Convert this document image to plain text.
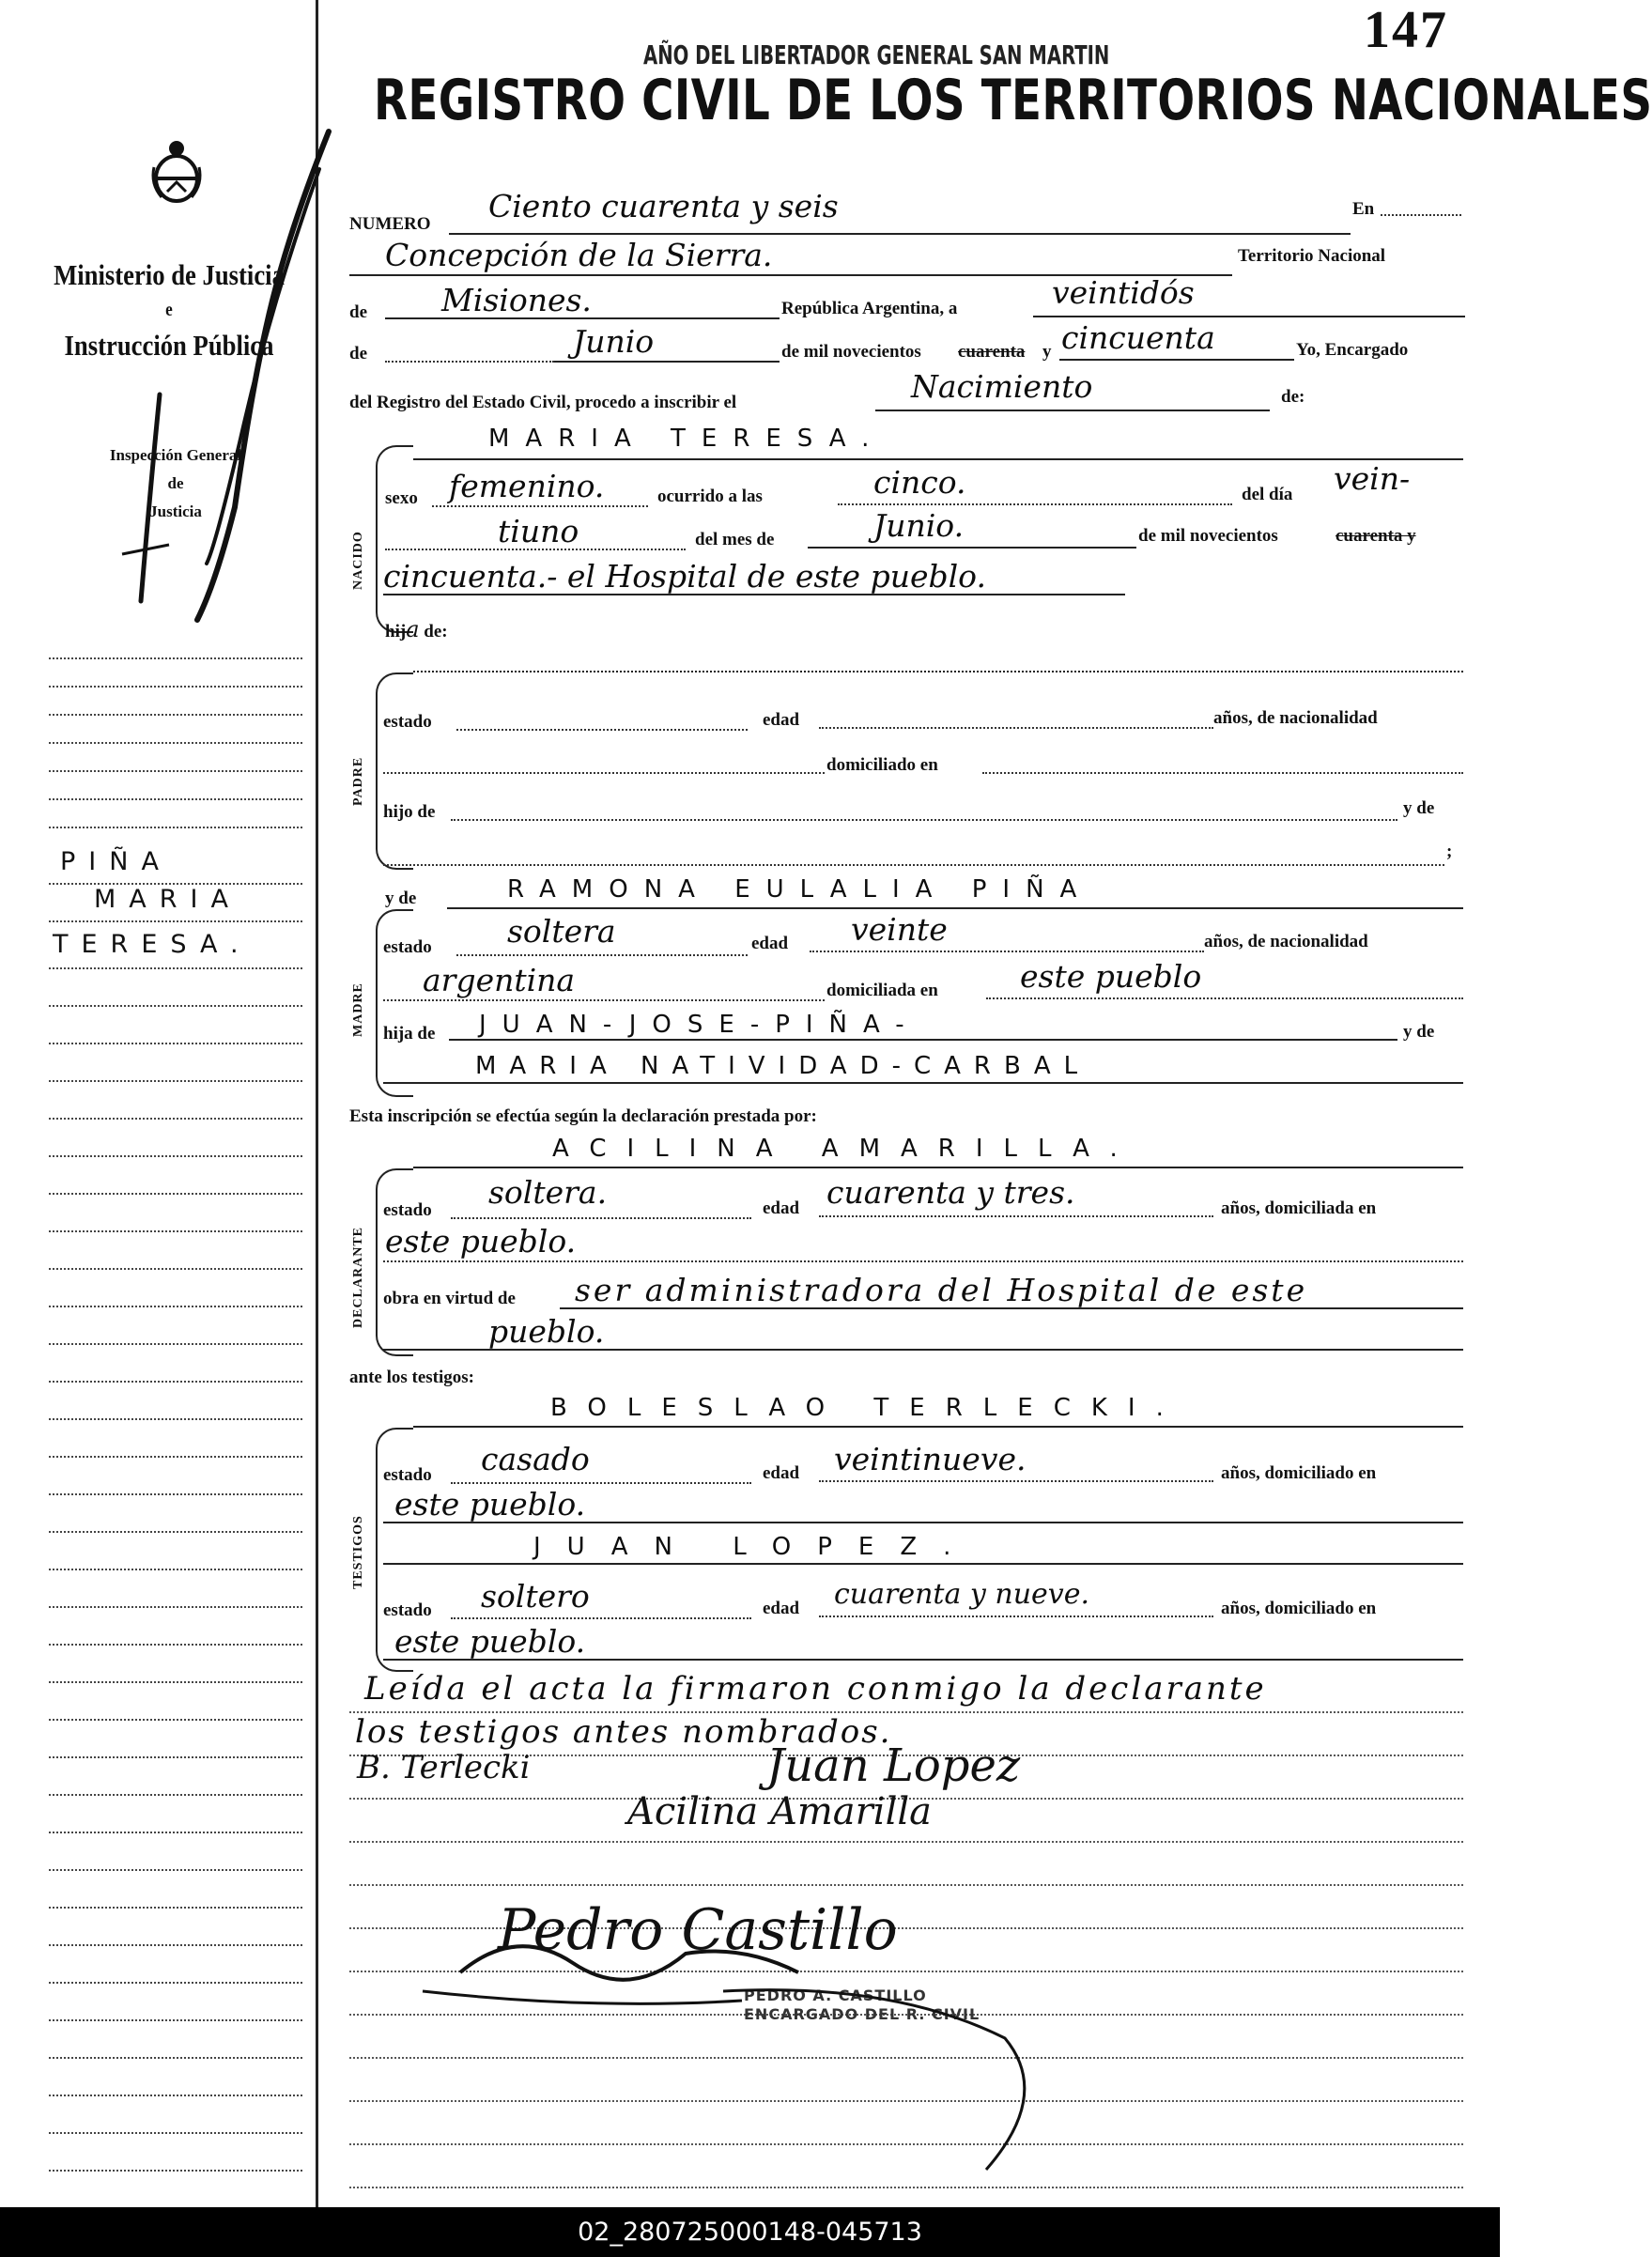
147
AÑO DEL LIBERTADOR GENERAL SAN MARTIN
REGISTRO CIVIL DE LOS TERRITORIOS NACIONALES
Ministerio de Justicia
e
Instrucción Pública
Inspección General
de
Justicia
PIÑA
MARIA
TERESA.
NUMERO Ciento cuarenta y seis	En
Concepción de la Sierra.	Territorio Nacional
de Misiones.	República Argentina, a	veintidós
de	Junio	de mil novecientos cuarenta y cincuenta	Yo, Encargado
del Registro del Estado Civil, procedo a inscribir el	Nacimiento	de:
MARIA TERESA.
NACIDO
sexo femenino.	ocurrido a las	cinco.	del día vein-
tiuno	del mes de	Junio.	de mil novecientos	cuarenta y
cincuenta.- el Hospital de este pueblo.
hija de:
PADRE
estado	edad	años, de nacionalidad
domiciliado en
hijo de	y de
;
y de	RAMONA EULALIA PIÑA
MADRE
estado soltera	edad veinte	años, de nacionalidad
argentina	domiciliada en	este pueblo
hija de JUAN-JOSE-PIÑA-	y de
MARIA NATIVIDAD-CARBAL
Esta inscripción se efectúa según la declaración prestada por:
ACILINA AMARILLA.
DECLARANTE
estado soltera.	edad cuarenta y tres.	años, domiciliada en
este pueblo.
obra en virtud de ser administradora del Hospital de este
pueblo.
ante los testigos:
BOLESLAO TERLECKI.
TESTIGOS
estado casado	edad veintinueve.	años, domiciliado en
este pueblo.
JUAN LOPEZ.
estado soltero	edad cuarenta y nueve.	años, domiciliado en
este pueblo.
Leída el acta la firmaron conmigo la declarante
los testigos antes nombrados.
B. Terlecki	Juan Lopez
Acilina Amarilla
Pedro Castillo
PEDRO A. CASTILLO
ENCARGADO DEL R. CIVIL
02_280725000148-045713
